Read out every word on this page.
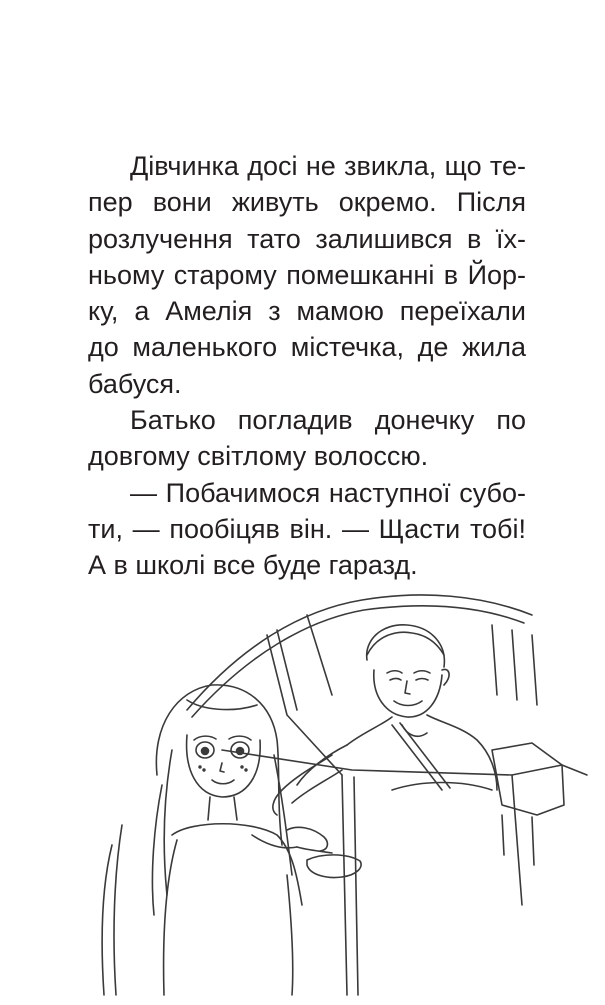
Дівчинка досі не звикла, що те-
пер вони живуть окремо. Після
розлучення тато залишився в їх-
ньому старому помешканні в Йор-
ку, а Амелія з мамою переїхали
до маленького містечка, де жила
бабуся.
Батько погладив донечку по
довгому світлому волоссю.
— Побачимося наступної субо-
ти, — пообіцяв він. — Щасти тобі!
А в школі все буде гаразд.
